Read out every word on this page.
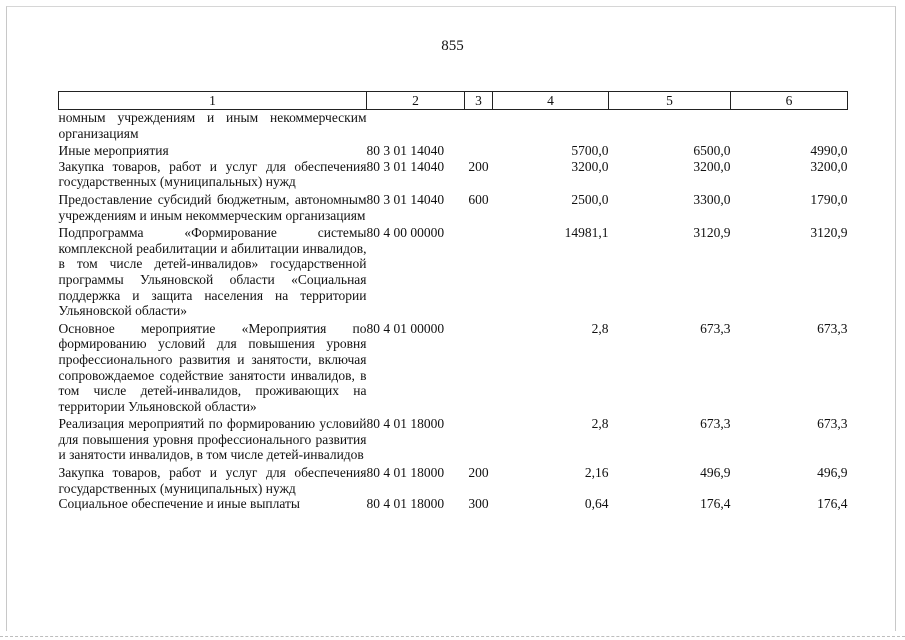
855
1	2	3	4	5	6
номным учреждениям и иным некоммерческим организациям					
Иные мероприятия	80 3 01 14040		5700,0	6500,0	4990,0
Закупка товаров, работ и услуг для обеспечения государственных (муниципальных) нужд	80 3 01 14040	200	3200,0	3200,0	3200,0
Предоставление субсидий бюджетным, автономным учреждениям и иным некоммерческим организациям	80 3 01 14040	600	2500,0	3300,0	1790,0
Подпрограмма «Формирование системы комплексной реабилитации и абилитации инвалидов, в том числе детей-инвалидов» государственной программы Ульяновской области «Социальная поддержка и защита населения на территории Ульяновской области»	80 4 00 00000		14981,1	3120,9	3120,9
Основное мероприятие «Мероприятия по формированию условий для повышения уровня профессионального развития и занятости, включая сопровождаемое содействие занятости инвалидов, в том числе детей-инвалидов, проживающих на территории Ульяновской области»	80 4 01 00000		2,8	673,3	673,3
Реализация мероприятий по формированию условий для повышения уровня профессионального развития и занятости инвалидов, в том числе детей-инвалидов	80 4 01 18000		2,8	673,3	673,3
Закупка товаров, работ и услуг для обеспечения государственных (муниципальных) нужд	80 4 01 18000	200	2,16	496,9	496,9
Социальное обеспечение и иные выплаты	80 4 01 18000	300	0,64	176,4	176,4
